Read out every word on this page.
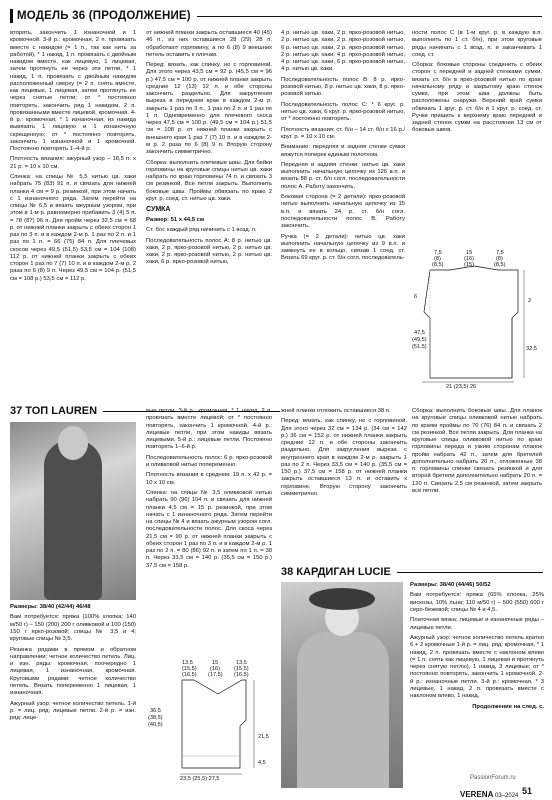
МОДЕЛЬ 36 (ПРОДОЛЖЕНИЕ)

вторять, закончить 1 изнаночной и 1 кромочной. 3-й р.: кромочная, 2 п. провязать вместе с накидом (= 1 п., так как нить за работой), * 1 накид, 1 п. провязать с двойным накидом вместе, как лицевую, 1 лицевая, затем протянуть ее через эти петли, * 1 накид, 1 п. провязать с двойным накидом расположенный сверху (= 2 п. снять вместе, как лицевые, 1 лицевая, затем протянуть ее через снятые петли; от * постоянно повторять, закончить ряд 1 накидом, 2 п. провязанными вместе лицевой, кромочная. 4-й р.: кромочная, * 1 изнаночная, из накида вывязать 1 лицевую и 1 изнаночную скрещенную; от * постоянно повторять, закончить 1 изнаночной и 1 кромочной. Постоянно повторять 1–4-й р.

Плотность вязания: ажурный узор – 18,5 п. х 21 р. = 10 х 10 см.

Спинка: на спицы № 5,5 нитью цв. хаки набрать 75 (83) 91 п. и связать для нижней планки 4 см = 9 р. резинкой, при этом начать с 1 изнаночного ряда. Затем перейти на спицы № 6,5 и вязать ажурным узором, при этом в 1-м р. равномерно прибавить 3 (4) 5 п. = 78 (87) 96 п. Для пройм через 32,5 см = 68 р. от нижней планки закрыть с обеих сторон 1 раз по 3 п. и в каждом 2-м р. 1 раз по 2 п. и 1 раз по 1 п. = 66 (75) 84 п. Для плечевых скосов через 49,5 (51,5) 53,5 см = 104 (108) 112 р. от нижней планки закрыть с обеих сторон 1 раз по 7 (7) 10 п. и в каждом 2-м р. 2 раза по 6 (8) 9 п. Через 49,5 см = 104 р. (51,5 см = 108 р.) 53,5 см = 112 р.

от нижней планки закрыть оставшиеся 40 (45) 46 п., из них оставшиеся 28 (29) 28 п. обработают горловину, а по 6 (8) 9 внешних петель оставить к плечам.

Перед: вязать, как спинку, но с горловиной. Для этого через 43,5 см = 92 р. (45,5 см = 96 р.) 47,5 см = 100 р. от нижней планки закрыть средние 12 (13) 12 п. и обе стороны закончить раздельно. Для закругления выреза в переднем крае в каждом 2-м р. закрыть 1 раз по 3 п., 1 раз по 2 п. и 1 раз по 1 п. Одновременно для плечевого скоса через 47,5 см = 100 р. (49,5 см = 104 р.) 51,5 см = 108 р. от нижней планки закрыть с внешнего края 1 раз 7 (7) 10 п. и в каждом 2-м р. 2 раза по 6 (8) 9 п. Вторую сторону закончить симметрично.

Сборка: выполнить плечевые швы. Для бейки горловины на круговые спицы нитью цв. хаки набрать по краю горловины 74 п. и связать 3 см резинкой. Все петли закрыть. Выполнить боковые швы. Проймы обвязать по краю 2 круг. р. соед. ст. нитью цв. хаки.

СУМКА

Размер: 51 х 44,5 см

Ст. б/н: каждый ряд начинать с 1 возд. п.

Последовательность полос А: 8 р. нитью цв. хаки, 2 р. ярко-розовой нитью, 2 р. нитью цв. хаки, 2 р. ярко-розовой нитью, 2 р. нитью цв. хаки, 6 р. ярко-розовой нитью,

4 р. нитью цв. хаки, 2 р. ярко-розовой нитью, 2 р. нитью цв. хаки, 2 р. ярко-розовой нитью, 6 р. нитью цв. хаки, 2 р. ярко-розовой нитью, 2 р. нитью цв. хаки, 4 р. ярко-розовой нитью, 4 р. нитью цв. хаки, 6 р. ярко-розовой нитью, 4 р. нитью цв. хаки.

Последовательность полос В: 8 р. ярко-розовой нитью, 8 р. нитью цв. хаки, 8 р. ярко-розовой нитью.

Последовательность полос С: * 6 круг. р. нитью цв. хаки, 6 круг. р. ярко-розовой нитью, от * постоянно повторять.

Плотность вязания: ст. б/н – 14 ст. б/н х 16 р./круг. р. = 10 х 10 см.

Внимание: передняя и задняя стенки сумки вяжутся поперек единым полотном.

Передняя и задняя стенки: нитью цв. хаки выполнить начальную цепочку из 126 в.п. и вязать 88 р. ст. б/н согл. последовательности полос А. Работу закончить.

Боковая сторона (= 2 детали): ярко-розовой нитью выполнить начальную цепочку из 15 в.п. и вязать 24 р. ст. б/н согл. последовательности полос В. Работу закончить.

Ручка (= 2 детали): нитью цв. хаки выполнить начальную цепочку из 9 в.п. и замкнуть ее в кольцо, связав 1 соед. ст. Вязать 69 круг. р. ст. б/н согл. последователь-

ности полос С (в 1-м круг. р. в каждую в.п. выполнить по 1 ст. б/н), при этом круговые ряды начинать с 1 возд. п. и заканчивать 1 соед. ст.

Сборка: боковые стороны соединить с обеих сторон с передней и задней стенками сумки, вязать ст. б/н в ярко-розовой нитью по краю начальному ряду и закрытому краю стенок сумки, при этом шва должны быть расположены снаружи. Верхний край сумки обвязать 1 круг. р. ст. б/н и 1 круг. р. соед. ст. Ручки пришить к верхнему краю передней и задней стенок сумки на расстоянии 13 см от боковых швов.

7,5
(8)
(8,5)
15
(16)
(15)
7,5
(8)
(8,5)
6
2
47,5
(49,5)
(51,5)	32,5
21 (23,5) 26
37 ТОП LAUREN

Размеры: 38/40 (42/44) 46/48

Вам потребуется: пряжа (100% хлопка; 140 м/50 г) – 150 (200) 200 г оливковой и 100 (150) 150 г ярко-розовой; спицы № 3,5 и 4; круговые спицы № 3,5.

Резинка рядами в прямом и обратном направлении: четное количество петель. Лиц. и изн. ряды: кромочная, поочередно 1 лицевая, 1 изнаночная, кромочная. Круговыми рядами: четное количество петель. Вязать попеременно 1 лицевая, 1 изнаночная.

Ажурный узор: четное количество петель. 1-й р. = лиц. ряд: лицевые петли. 2-й р. = изн. ряд: лице-

вые петли. 3-й р.: кромочная, * 1 накид, 2 п. провязать вместе лицевой; от * постоянно повторять, закончить 1 кромочной. 4-й р.: лицевые петли, при этом накиды вязать лицевыми. 5-й р.: лицевые петли. Постоянно повторять 1–6-й р.

Последовательность полос: 6 р. ярко-розовой и оливковой нитью попеременно.

Плотность вязания в среднем: 19 п. х 42 р. = 10 х 10 см.

Спинка: на спицы № 3,5 оливковой нитью набрать 90 (96) 104 п. и связать для нижней планки 4,5 см = 15 р. резинкой, при этом начать с 1 изнаночного ряда. Затем перейти на спицы № 4 и вязать ажурным узором согл. последовательности полос. Для скоса через 21,5 см = 90 р. от нижней планки закрыть с обеих сторон 1 раз по 3 п. и в каждом 2-м р. 1 раз по 2 п. = 80 (86) 92 п. и затем по 1 п. = 38 п. Через 33,5 см = 140 р. (35,5 см = 150 р.) 37,5 см = 158 р.

13,5
(15,5)
(16,5)
15
(16)
(17,5)
13,5
(15,5)
(16,5)
36,5
(38,5)
(40,5)
21,5
4,5
23,5 (25,5) 27,5

жней планки отложить оставшиеся 38 п.

Перед: вязать, как спинку, но с горловиной. Для этого через 32 см = 134 р. (34 см = 142 р.) 36 см = 152 р. от нижней планки закрыть средние 12 п. и обе стороны закончить раздельно. Для закругления выреза с внутреннего края в каждом 2-м р. закрыть 1 раз по 2 п. Через 33,5 см = 140 р. (35,5 см = 150 р.) 37,5 см = 158 р. от нижней планки закрыть оставшиеся 13 п. и оставить к горловине. Вторую сторону закончить симметрично.

Сборка: выполнить боковые швы. Для планок на круговые спицы оливковой нитью набрать по краям проймы по 70 (76) 84 п. и связать 2 см резинкой. Все петли закрыть. Для планки на круговые спицы оливковой нитью по краю горловины переда и узким сторонам планок пройм набрать 42 п., затем для бретелей дополнительно набрать 20 п., отложенные 38 п. горловины спинки связать резинкой и для второй бретели дополнительно набрать 20 п. = 120 п. Связать 2,5 см резинкой, затем закрыть все петли.

38 КАРДИГАН LUCIE

Размеры: 38/40 (44/46) 50/52

Вам потребуется: пряжа (65% хлопка, 25% вискозы, 10% льна; 110 м/50 г) – 500 (550) 600 г серо-бежевой; спицы № 4 и 4,5.

Платочная вязка: лицевые и изнаночные ряды – лицевые петли.

Ажурный узор: четное количество петель кратно 6 + 2 кромочные 1-й р. = лиц. ряд: кромочная, * 1 накид, 2 п. провязать вместе с наклоном влево (= 1 п. снять как лицевую, 1 лицевая и протянуть через снятую петлю), 1 накид, 3 лицевые; от * постоянно повторять, закончить 1 кромочной. 2-й р.: изнаночные петли. 3-й р.: кромочная, * 3 лицевые, 1 накид, 2 п. провязать вместе с наклоном влево, 1 накид,

Продолжение на след. с.

PassionForum.ru
VERENA 03–2024 51
